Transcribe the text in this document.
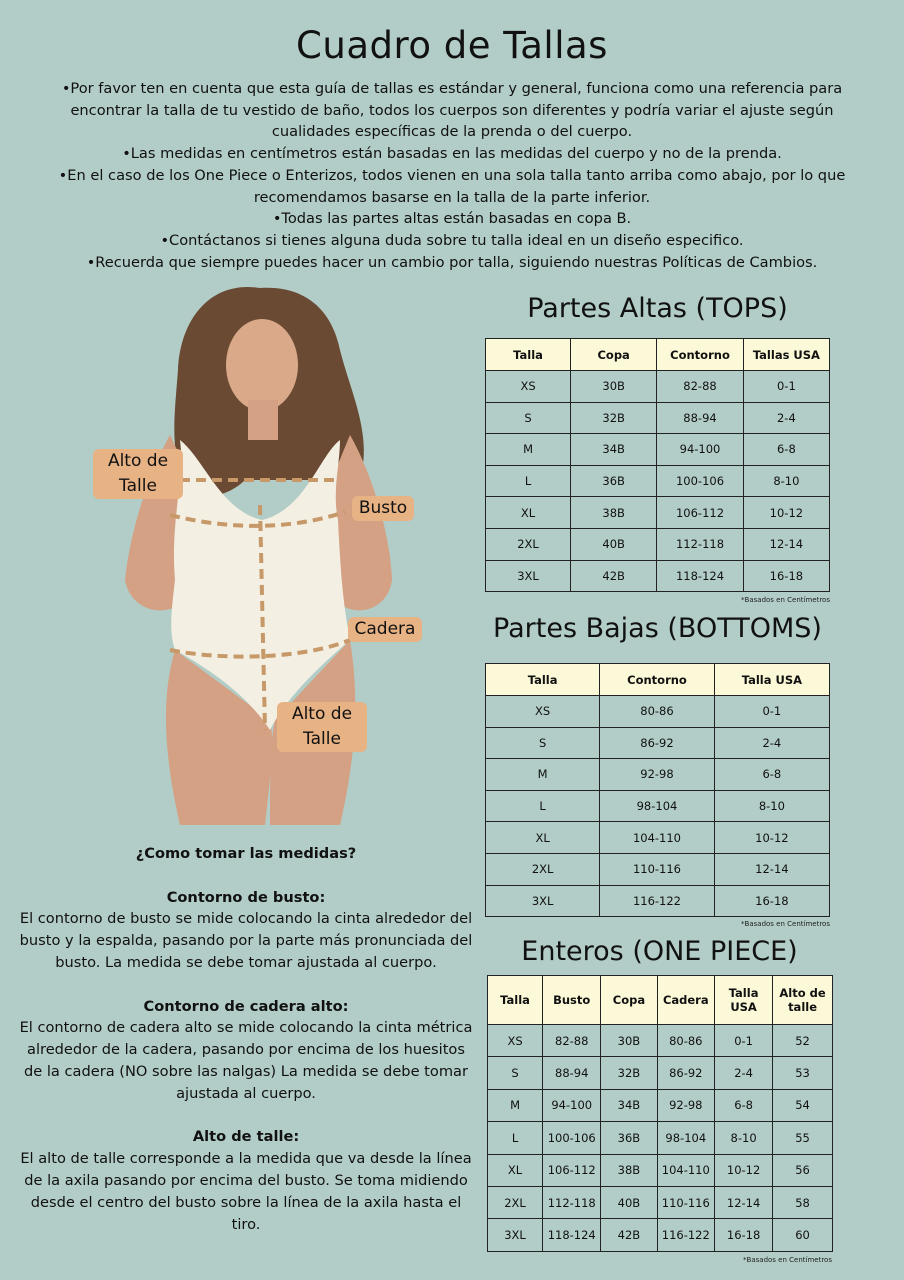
Cuadro de Tallas

•Por favor ten en cuenta que esta guía de tallas es estándar y general, funciona como una referencia para encontrar la talla de tu vestido de baño, todos los cuerpos son diferentes y podría variar el ajuste según cualidades específicas de la prenda o del cuerpo.

•Las medidas en centímetros están basadas en las medidas del cuerpo y no de la prenda.

•En el caso de los One Piece o Enterizos, todos vienen en una sola talla tanto arriba como abajo, por lo que recomendamos basarse en la talla de la parte inferior.

•Todas las partes altas están basadas en copa B.

•Contáctanos si tienes alguna duda sobre tu talla ideal en un diseño especifico.

•Recuerda que siempre puedes hacer un cambio por talla, siguiendo nuestras Políticas de Cambios.

Alto de
Talle
Busto
Cadera
Alto de
Talle
Partes Altas (TOPS)
Talla	Copa	Contorno	Tallas USA
XS	30B	82-88	0-1
S	32B	88-94	2-4
M	34B	94-100	6-8
L	36B	100-106	8-10
XL	38B	106-112	10-12
2XL	40B	112-118	12-14
3XL	42B	118-124	16-18
*Basados en Centímetros
Partes Bajas (BOTTOMS)
Talla	Contorno	Talla USA
XS	80-86	0-1
S	86-92	2-4
M	92-98	6-8
L	98-104	8-10
XL	104-110	10-12
2XL	110-116	12-14
3XL	116-122	16-18
*Basados en Centímetros
Enteros (ONE PIECE)
Talla	Busto	Copa	Cadera	Talla USA	Alto de talle
XS	82-88	30B	80-86	0-1	52
S	88-94	32B	86-92	2-4	53
M	94-100	34B	92-98	6-8	54
L	100-106	36B	98-104	8-10	55
XL	106-112	38B	104-110	10-12	56
2XL	112-118	40B	110-116	12-14	58
3XL	118-124	42B	116-122	16-18	60
*Basados en Centímetros

¿Como tomar las medidas?

Contorno de busto:

El contorno de busto se mide colocando la cinta alrededor del busto y la espalda, pasando por la parte más pronunciada del busto. La medida se debe tomar ajustada al cuerpo.

Contorno de cadera alto:

El contorno de cadera alto se mide colocando la cinta métrica alrededor de la cadera, pasando por encima de los huesitos de la cadera (NO sobre las nalgas) La medida se debe tomar ajustada al cuerpo.

Alto de talle:

El alto de talle corresponde a la medida que va desde la línea de la axila pasando por encima del busto. Se toma midiendo desde el centro del busto sobre la línea de la axila hasta el tiro.
